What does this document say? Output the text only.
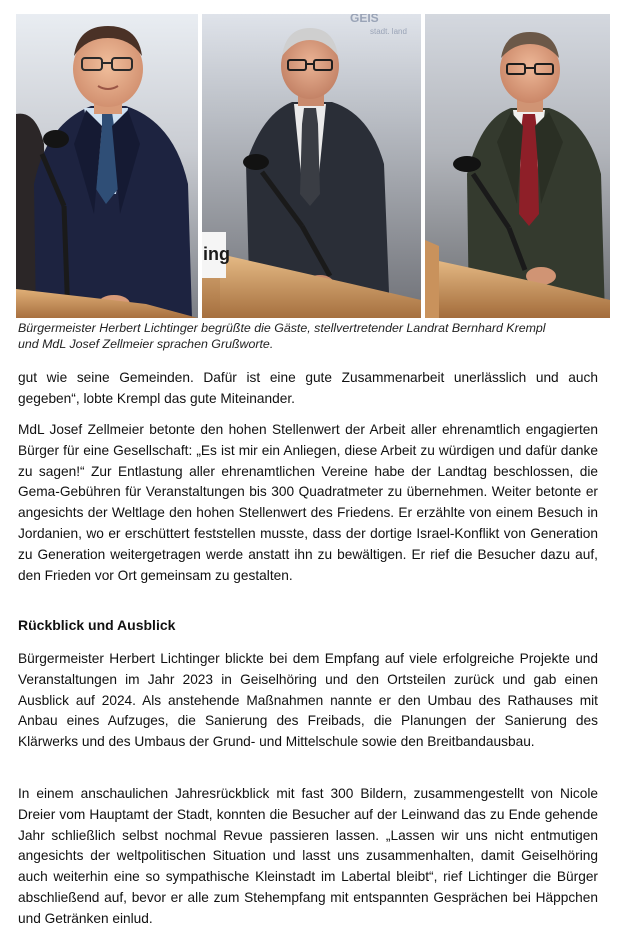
GEIS
stadt. land
ing
Bürgermeister Herbert Lichtinger begrüßte die Gäste, stellvertretender Landrat Bernhard Krempl
und MdL Josef Zellmeier sprachen Grußworte.

gut wie seine Gemeinden. Dafür ist eine gute Zusammenarbeit unerlässlich und auch gegeben“, lobte Krempl das gute Miteinander.

MdL Josef Zellmeier betonte den hohen Stellenwert der Arbeit aller ehrenamtlich engagierten Bürger für eine Gesellschaft: „Es ist mir ein Anliegen, diese Arbeit zu würdigen und dafür danke zu sagen!“ Zur Entlastung aller ehrenamtlichen Vereine habe der Landtag beschlossen, die Gema-Gebühren für Veranstaltungen bis 300 Quadratmeter zu übernehmen. Weiter betonte er angesichts der Weltlage den hohen Stellenwert des Friedens. Er erzählte von einem Besuch in Jordanien, wo er erschüttert feststellen musste, dass der dortige Israel-Konflikt von Generation zu Generation weitergetragen werde anstatt ihn zu bewältigen. Er rief die Besucher dazu auf, den Frieden vor Ort gemeinsam zu gestalten.

Rückblick und Ausblick

Bürgermeister Herbert Lichtinger blickte bei dem Empfang auf viele erfolgreiche Projekte und Veranstaltungen im Jahr 2023 in Geiselhöring und den Ortsteilen zurück und gab einen Ausblick auf 2024. Als anstehende Maßnahmen nannte er den Umbau des Rathauses mit Anbau eines Aufzuges, die Sanierung des Freibads, die Planungen der Sanierung des Klärwerks und des Umbaus der Grund- und Mittelschule sowie den Breitbandausbau.

In einem anschaulichen Jahresrückblick mit fast 300 Bildern, zusammengestellt von Nicole Dreier vom Hauptamt der Stadt, konnten die Besucher auf der Leinwand das zu Ende gehende Jahr schließlich selbst nochmal Revue passieren lassen. „Lassen wir uns nicht entmutigen angesichts der weltpolitischen Situation und lasst uns zusammenhalten, damit Geiselhöring auch weiterhin eine so sympathische Kleinstadt im Labertal bleibt“, rief Lichtinger die Bürger abschließend auf, bevor er alle zum Stehempfang mit entspannten Gesprächen bei Häppchen und Getränken einlud.
